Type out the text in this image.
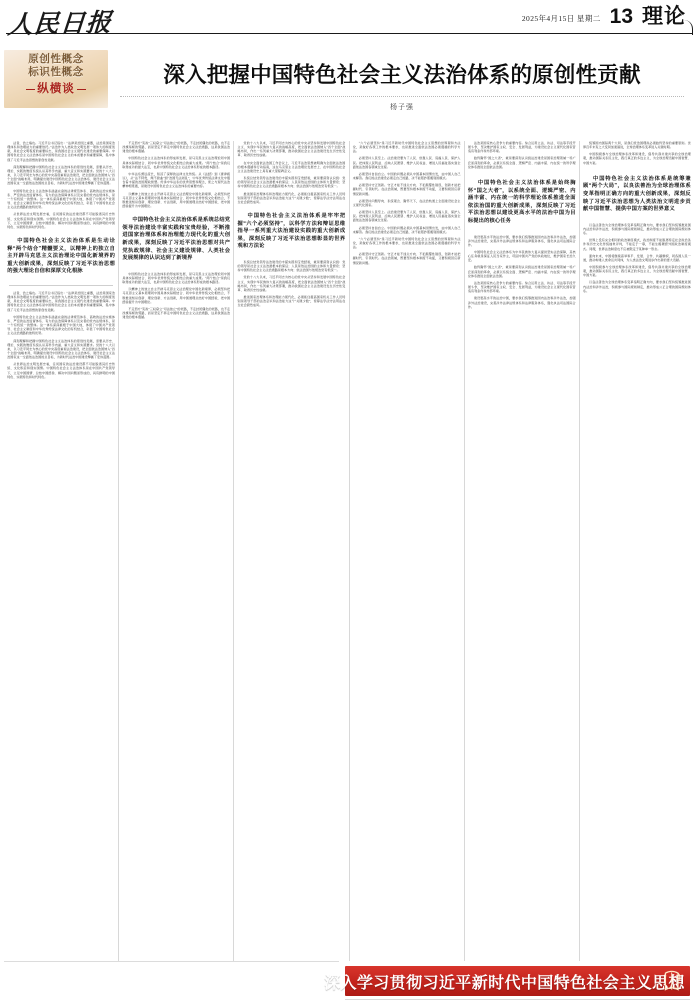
人民日报	2025年4月15日 星期二 13 理论
原创性概念
标识性概念
纵横谈
深入把握中国特色社会主义法治体系的原创性贡献
杨子强

法者，治之端也。习近平总书记指出：“法律是治国之重器，法治是国家治理体系和治理能力的重要依托。”法治作为人类政治文明发展一项伟大的制度创新，是社会文明程度的重要标志，是我国社会主义现代化建设的重要保障。中国特色社会主义法治体系是中国特色社会主义的本质要求和重要保障，集中体现了习近平法治思想的原创性贡献。

深刻理解和把握中国特色社会主义法治体系的原创性贡献，需要从历史、理论、实践的维度系统认识其科学内涵、重大意义和实践要求。党的十八大以来，以习近平同志为核心的党中央高度重视法治建设，把全面依法治国纳入“四个全面”战略布局，明确提出建设中国特色社会主义法治体系、建设社会主义法治国家这一全面依法治国的总目标，为新时代法治中国建设擘画了宏伟蓝图。

中国特色社会主义法治体系涵盖完备的法律规范体系、高效的法治实施体系、严密的法治监督体系、有力的法治保障体系以及完善的党内法规体系，是一个有机统一的整体。这一体系深深植根于中国大地，体现了中国共产党领导、社会主义制度和中华优秀传统法律文化的有机结合，彰显了中国特色社会主义法治道路的独特优势。

从世界法治文明发展史看，任何国家的法治建设都不可能脱离其历史传统、文化积淀和现实国情。中国特色社会主义法治体系是在中国共产党领导下，立足中国国情、总结中国经验、解决中国问题而形成的，具有鲜明的中国特色、实践特色和时代特色。

中国特色社会主义法治体系是生动诠释“两个结合”精髓要义，以精神上的独立自主开辟马克思主义法治理论中国化新境界的重大创新成果，深刻反映了习近平法治思想的强大理论自信和深厚文化根脉

法者，治之端也。习近平总书记指出：“法律是治国之重器，法治是国家治理体系和治理能力的重要依托。”法治作为人类政治文明发展一项伟大的制度创新，是社会文明程度的重要标志，是我国社会主义现代化建设的重要保障。中国特色社会主义法治体系是中国特色社会主义的本质要求和重要保障，集中体现了习近平法治思想的原创性贡献。

中国特色社会主义法治体系涵盖完备的法律规范体系、高效的法治实施体系、严密的法治监督体系、有力的法治保障体系以及完善的党内法规体系，是一个有机统一的整体。这一体系深深植根于中国大地，体现了中国共产党领导、社会主义制度和中华优秀传统法律文化的有机结合，彰显了中国特色社会主义法治道路的独特优势。

深刻理解和把握中国特色社会主义法治体系的原创性贡献，需要从历史、理论、实践的维度系统认识其科学内涵、重大意义和实践要求。党的十八大以来，以习近平同志为核心的党中央高度重视法治建设，把全面依法治国纳入“四个全面”战略布局，明确提出建设中国特色社会主义法治体系、建设社会主义法治国家这一全面依法治国的总目标，为新时代法治中国建设擘画了宏伟蓝图。

从世界法治文明发展史看，任何国家的法治建设都不可能脱离其历史传统、文化积淀和现实国情。中国特色社会主义法治体系是在中国共产党领导下，立足中国国情、总结中国经验、解决中国问题而形成的，具有鲜明的中国特色、实践特色和时代特色。

不走西方“宪政”三权鼎立“司法独立”的老路，不走封闭僵化的老路，也不走改旗易帜的邪路，而是坚定不移走中国特色社会主义法治道路，这是我国法治建设的根本遵循。

中国特色社会主义法治体系的形成和发展，是马克思主义法治理论同中国具体实际相结合、同中华优秀传统文化相结合的重大成果。“两个结合”是我们取得成功的最大法宝，也是中国特色社会主义法治体系形成的根本路径。

中华法系源远流长，积淀了深厚的法律文化传统。从《法经》到《唐律疏议》，从“法不阿贵，绳不挠曲”到“治国无法则乱”，中华优秀传统法律文化中蕴含着丰富的治国理政智慧。传承中华法系的优秀思想和理念，使之与现代法治精神相贯通，是建设中国特色社会主义法治体系的重要内容。

以精神上的独立自主开辟马克思主义法治理论中国化新境界，必须坚持把马克思主义基本原理同中国具体实际相结合、同中华优秀传统文化相结合，不断推进知识创新、理论创新、方法创新，用中国道理总结好中国经验，把中国经验提升为中国理论。

中国特色社会主义法治体系是系统总结党领导法治建设丰富实践和宝贵经验，不断推进国家治理体系和治理能力现代化的重大创新成果，深刻反映了习近平法治思想对共产党执政规律、社会主义建设规律、人类社会发展规律的认识达到了新境界

中国特色社会主义法治体系的形成和发展，是马克思主义法治理论同中国具体实际相结合、同中华优秀传统文化相结合的重大成果。“两个结合”是我们取得成功的最大法宝，也是中国特色社会主义法治体系形成的根本路径。

以精神上的独立自主开辟马克思主义法治理论中国化新境界，必须坚持把马克思主义基本原理同中国具体实际相结合、同中华优秀传统文化相结合，不断推进知识创新、理论创新、方法创新，用中国道理总结好中国经验，把中国经验提升为中国理论。

不走西方“宪政”三权鼎立“司法独立”的老路，不走封闭僵化的老路，也不走改旗易帜的邪路，而是坚定不移走中国特色社会主义法治道路，这是我国法治建设的根本遵循。

党的十八大以来，习近平同志为核心的党中央从坚持和发展中国特色社会主义、实现中华民族伟大复兴的战略高度，把全面依法治国纳入“四个全面”战略布局，作出一系列重大决策部署，推动我国社会主义法治建设发生历史性变革、取得历史性成就。

在中央全面依法治国工作会议上，习近平法治思想被明确为全面依法治国的根本遵循和行动指南，这在马克思主义法治理论发展史上、在中国特色社会主义法治建设史上具有重大里程碑意义。

系统总结党领导法治建设的丰富实践和宝贵经验，就是要深刻认识到：党的领导是社会主义法治最根本的保证；人民是依法治国的主体和力量源泉；坚持中国特色社会主义法治道路是根本方向；依法治国与依规治党有机统一。

推进国家治理体系和治理能力现代化，必须抓住提高国家机关工作人员特别是领导干部的法治意识和法治能力这个“关键少数”，使尊法学法守法用法在全社会蔚然成风。

中国特色社会主义法治体系是牢牢把握“六个必须坚持”，以科学方法和辩证思维指导一系列重大法治建设实践的重大创新成果，深刻反映了习近平法治思想彰显的世界观和方法论

系统总结党领导法治建设的丰富实践和宝贵经验，就是要深刻认识到：党的领导是社会主义法治最根本的保证；人民是依法治国的主体和力量源泉；坚持中国特色社会主义法治道路是根本方向；依法治国与依规治党有机统一。

党的十八大以来，习近平同志为核心的党中央从坚持和发展中国特色社会主义、实现中华民族伟大复兴的战略高度，把全面依法治国纳入“四个全面”战略布局，作出一系列重大决策部署，推动我国社会主义法治建设发生历史性变革、取得历史性成就。

推进国家治理体系和治理能力现代化，必须抓住提高国家机关工作人员特别是领导干部的法治意识和法治能力这个“关键少数”，使尊法学法守法用法在全社会蔚然成风。

“六个必须坚持”是习近平新时代中国特色社会主义思想的世界观和方法论，是做好各项工作的根本要求，也是推进全面依法治国必须遵循的科学方法。

必须坚持人民至上。法治建设要为了人民、依靠人民、造福人民、保护人民。把体现人民利益、反映人民愿望、维护人民权益、增进人民福祉落实到全面依法治国各领域全过程。

必须坚持自信自立。中国的问题必须从中国基本国情出发，由中国人自己来解答。我们的法治建设必须走自己的路，决不能照抄照搬别国模式。

必须坚持守正创新。守正才能不迷失方向、不犯颠覆性错误，创新才能把握时代、引领时代。在法治领域，既要坚持根本制度不动摇，又要积极回应新情况新问题。

必须坚持问题导向、系统观念、胸怀天下，在法治轨道上全面建设社会主义现代化国家。

必须坚持人民至上。法治建设要为了人民、依靠人民、造福人民、保护人民。把体现人民利益、反映人民愿望、维护人民权益、增进人民福祉落实到全面依法治国各领域全过程。

必须坚持自信自立。中国的问题必须从中国基本国情出发，由中国人自己来解答。我们的法治建设必须走自己的路，决不能照抄照搬别国模式。

“六个必须坚持”是习近平新时代中国特色社会主义思想的世界观和方法论，是做好各项工作的根本要求，也是推进全面依法治国必须遵循的科学方法。

必须坚持守正创新。守正才能不迷失方向、不犯颠覆性错误，创新才能把握时代、引领时代。在法治领域，既要坚持根本制度不动摇，又要积极回应新情况新问题。

法治是国家核心竞争力的重要内容。综合运用立法、执法、司法等手段开展斗争，坚决维护国家主权、安全、发展利益，为建设社会主义现代化国家营造有利条件和外部环境。

始终胸怀“国之大者”，就是要深刻认识到法治建设是国家治理领域一场广泛而深刻的革命，必须以系统全面、逻辑严密、内涵丰富、内在统一的科学理论体系推进全面依法治国。

中国特色社会主义法治体系是始终胸怀“国之大者”，以系统全面、逻辑严密、内涵丰富、内在统一的科学理论体系推进全面依法治国的重大创新成果，深刻反映了习近平法治思想以建设更高水平的法治中国为目标提出的核心任务

建设更高水平的法治中国，要求我们统筹推进国内法治和涉外法治，加强涉外法治建设，完善涉外法律法规体系和法律服务体系，强化执法司法国际合作。

中国特色社会主义法治体系为中华民族伟大复兴提供坚实法治保障，其核心任务就是保证人民当家作主，巩固中国共产党的执政地位，维护国家长治久安。

始终胸怀“国之大者”，就是要深刻认识到法治建设是国家治理领域一场广泛而深刻的革命，必须以系统全面、逻辑严密、内涵丰富、内在统一的科学理论体系推进全面依法治国。

法治是国家核心竞争力的重要内容。综合运用立法、执法、司法等手段开展斗争，坚决维护国家主权、安全、发展利益，为建设社会主义现代化国家营造有利条件和外部环境。

建设更高水平的法治中国，要求我们统筹推进国内法治和涉外法治，加强涉外法治建设，完善涉外法律法规体系和法律服务体系，强化执法司法国际合作。

统筹国内国际两个大局，是我们党治国理政必须始终坚持的重要原则。世界百年未有之大变局加速演进，全球治理体系变革进入关键时期。

中国积极参与全球治理体系改革和建设，倡导共商共建共享的全球治理观，推动国际关系民主化，践行真正的多边主义，为全球治理贡献中国智慧、中国方案。

中国特色社会主义法治体系是统筹兼顾“两个大局”，以良法善治为全球治理体系变革指明正确方向的重大创新成果，深刻反映了习近平法治思想为人类法治文明进步贡献中国智慧、提供中国方案的世界意义

以良法善治为全球治理体系变革指明正确方向，要求我们坚持统筹推进国内法治和涉外法治，积极参与国际规则制定，推动形成公正合理的国际规则体系。

世界上没有完全相同的政治制度模式，政治制度不能脱离特定社会政治条件和历史文化传统抽象评判，不能定于一尊，不能生搬硬套外国政治制度模式。同理，世界法治制度也不应被限定于某种单一形态。

面向未来，中国将继续高举和平、发展、合作、共赢旗帜，同各国人民一道，推动构建人类命运共同体，为人类法治文明进步作出新的更大贡献。

中国积极参与全球治理体系改革和建设，倡导共商共建共享的全球治理观，推动国际关系民主化，践行真正的多边主义，为全球治理贡献中国智慧、中国方案。

以良法善治为全球治理体系变革指明正确方向，要求我们坚持统筹推进国内法治和涉外法治，积极参与国际规则制定，推动形成公正合理的国际规则体系。

深入学习贯彻习近平新时代中国特色社会主义思想
